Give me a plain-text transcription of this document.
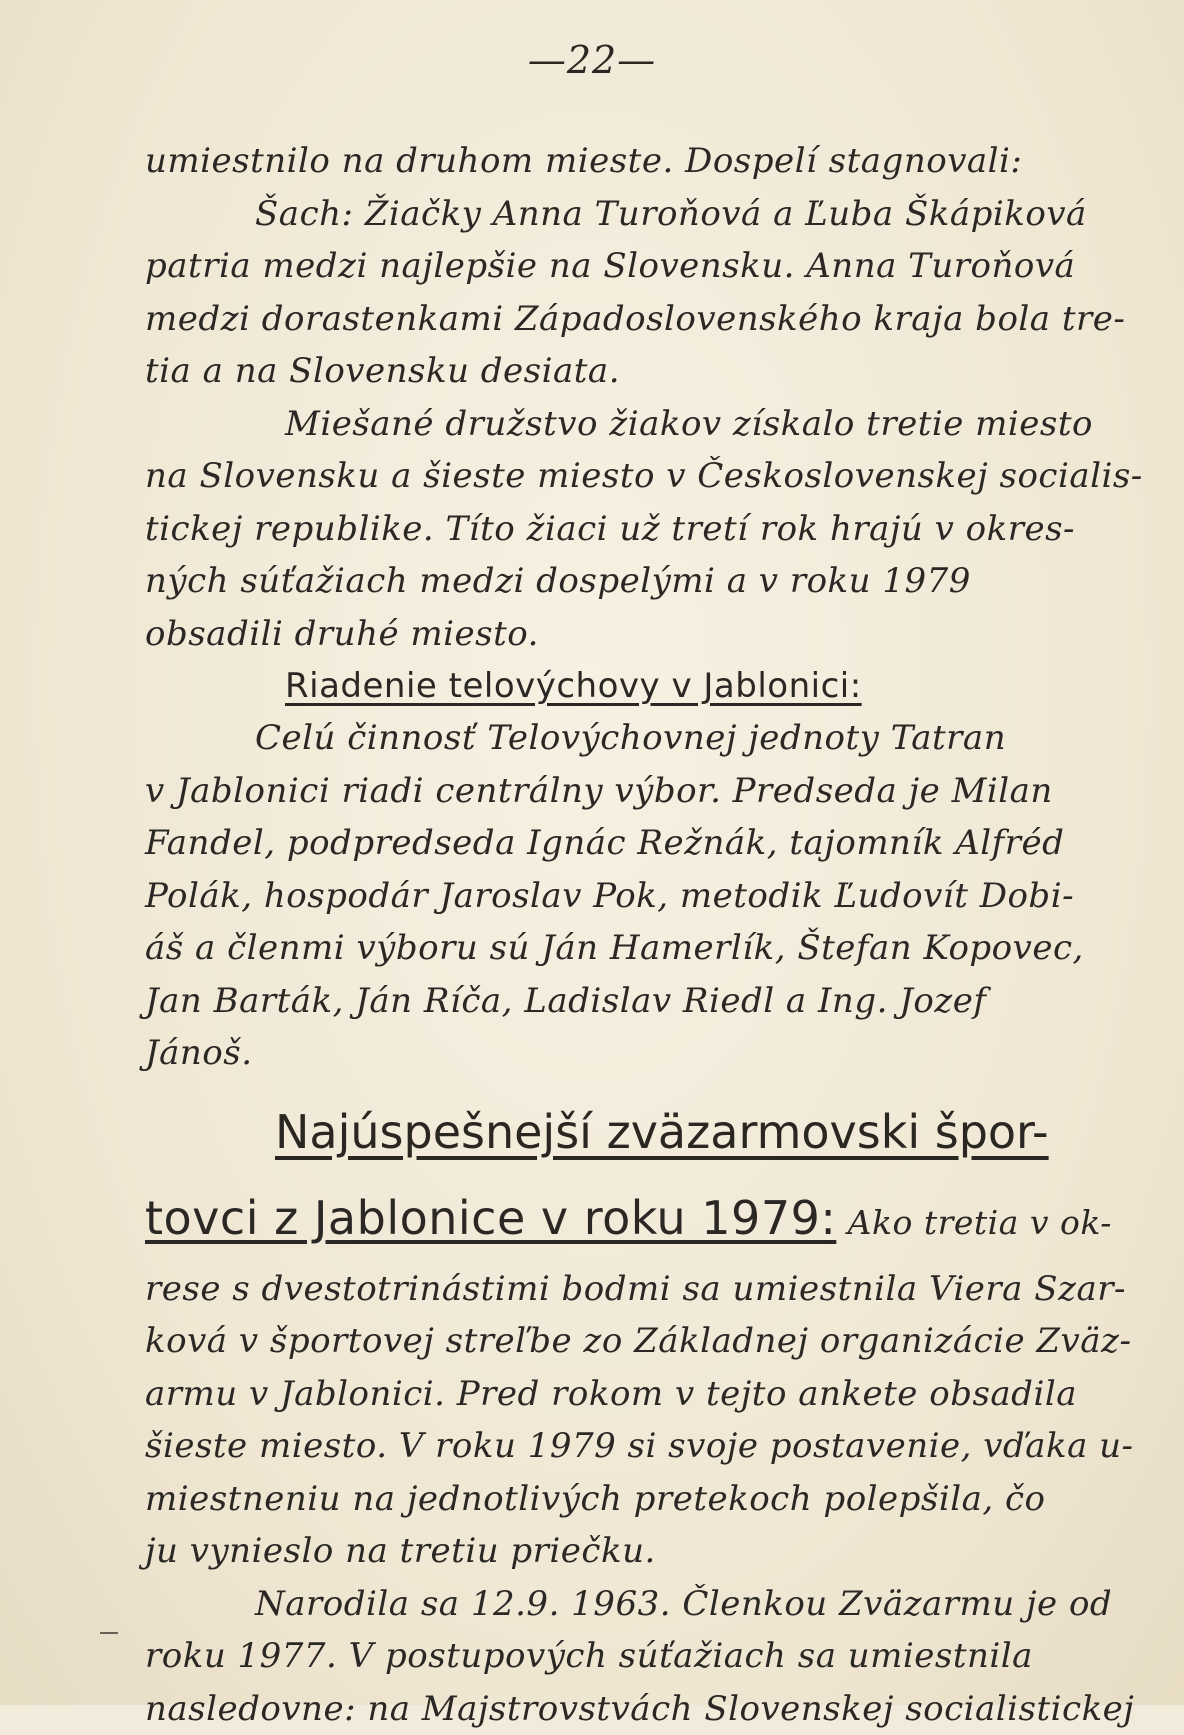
—22—
umiestnilo na druhom mieste. Dospelí stagnovali:
Šach: Žiačky Anna Turoňová a Ľuba Škápiková
patria medzi najlepšie na Slovensku. Anna Turoňová
medzi dorastenkami Západoslovenského kraja bola tre-
tia a na Slovensku desiata.
Miešané družstvo žiakov získalo tretie miesto
na Slovensku a šieste miesto v Československej socialis-
tickej republike. Títo žiaci už tretí rok hrajú v okres-
ných súťažiach medzi dospelými a v roku 1979
obsadili druhé miesto.
Riadenie telovýchovy v Jablonici:
Celú činnosť Telovýchovnej jednoty Tatran
v Jablonici riadi centrálny výbor. Predseda je Milan
Fandel, podpredseda Ignác Režnák, tajomník Alfréd
Polák, hospodár Jaroslav Pok, metodik Ľudovít Dobi-
áš a členmi výboru sú Ján Hamerlík, Štefan Kopovec,
Jan Barták, Ján Ríča, Ladislav Riedl a Ing. Jozef
Jánoš.
Najúspešnejší zväzarmovski špor-
tovci z Jablonice v roku 1979: Ako tretia v ok-
rese s dvestotrinástimi bodmi sa umiestnila Viera Szar-
ková v športovej streľbe zo Základnej organizácie Zväz-
armu v Jablonici. Pred rokom v tejto ankete obsadila
šieste miesto. V roku 1979 si svoje postavenie, vďaka u-
miestneniu na jednotlivých pretekoch polepšila, čo
ju vynieslo na tretiu priečku.
Narodila sa 12.9. 1963. Členkou Zväzarmu je od
roku 1977. V postupových súťažiach sa umiestnila
nasledovne: na Majstrovstvách Slovenskej socialistickej
